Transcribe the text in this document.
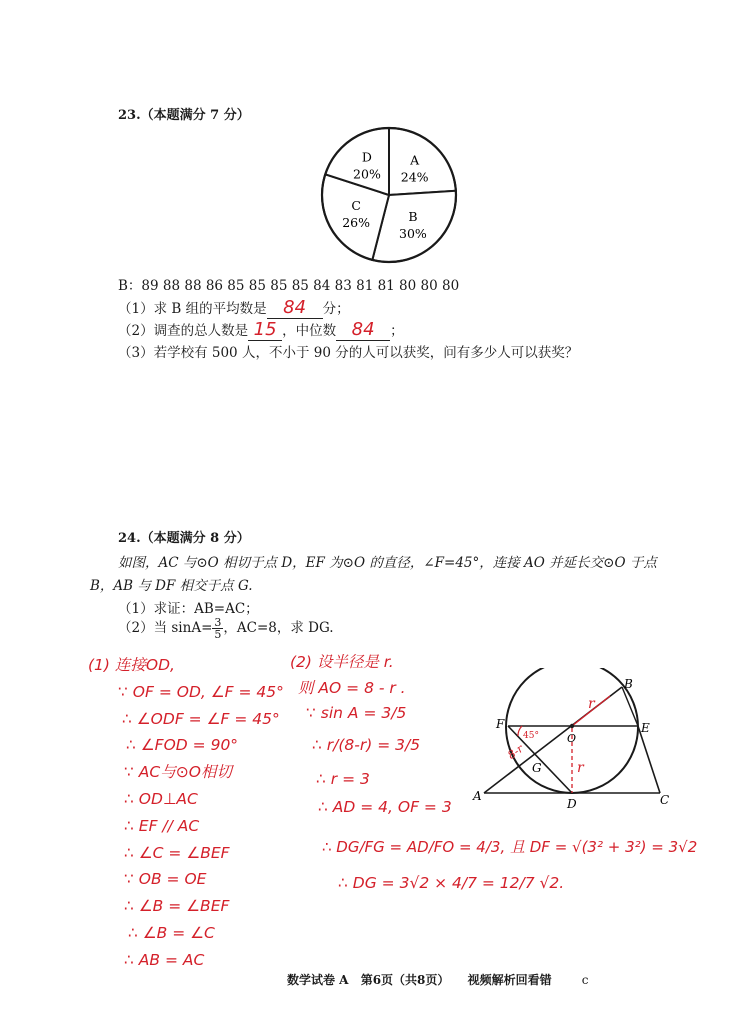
23.（本题满分 7 分）
A
24%
B
30%
C
26%
D
20%
B：89 88 88 86 85 85 85 85 84 83 81 81 80 80 80
（1）求 B 组的平均数是 84 分；
（2）调查的总人数是 15 ，中位数 84 ；
（3）若学校有 500 人，不小于 90 分的人可以获奖，问有多少人可以获奖？
24.（本题满分 8 分）
如图，AC 与⊙O 相切于点 D，EF 为⊙O 的直径，∠F=45°，连接 AO 并延长交⊙O 于点
B，AB 与 DF 相交于点 G.
（1）求证：AB=AC；
（2）当 $\sin A= \frac{3}{5}$ ，AC=8，求 DG.
(1) 连接OD,
∵ OF = OD, ∠F = 45°
∴ ∠ODF = ∠F = 45°
∴ ∠FOD = 90°
∵ AC与⊙O相切
∴ OD⊥AC
∴ EF // AC
∴ ∠C = ∠BEF
∵ OB = OE
∴ ∠B = ∠BEF
∴ ∠B = ∠C
∴ AB = AC
(2) 设半径是 r.
则 AO = 8 - r .
∵ sin A = 3/5
∴ r/(8-r) = 3/5
∴ r = 3
∴ AD = 4, OF = 3
∴ DG/FG = AD/FO = 4/3, 且 DF = √(3² + 3²) = 3√2
∴ DG = 3√2 × 4/7 = 12/7 √2.
A
B
C
D
E
F
G
O
45°
r
r
8-r
数学试卷 A 第6页（共8页） 视频解析回看错	c
